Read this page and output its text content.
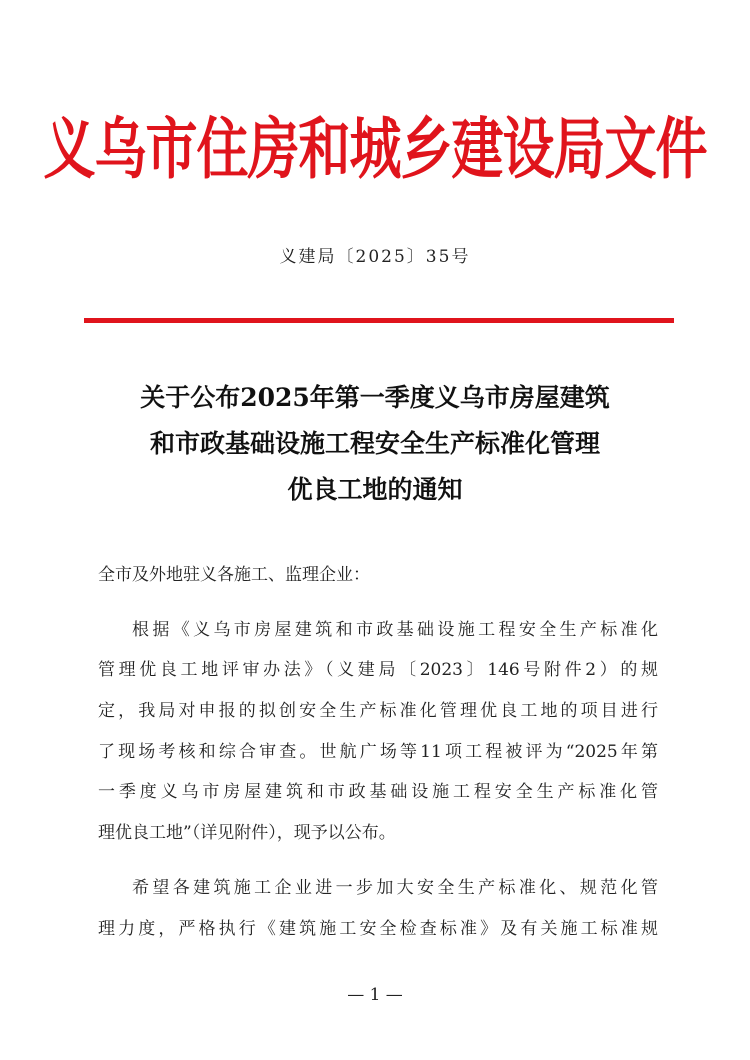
义乌市住房和城乡建设局文件
义建局〔2025〕35号
关于公布2025年第一季度义乌市房屋建筑
和市政基础设施工程安全生产标准化管理
优良工地的通知
全市及外地驻义各施工、监理企业：
根据《义乌市房屋建筑和市政基础设施工程安全生产标准化
管理优良工地评审办法》（义建局〔2023〕146号附件2）的规
定，我局对申报的拟创安全生产标准化管理优良工地的项目进行
了现场考核和综合审查。世航广场等11项工程被评为“2025年第
一季度义乌市房屋建筑和市政基础设施工程安全生产标准化管
理优良工地”（详见附件），现予以公布。
希望各建筑施工企业进一步加大安全生产标准化、规范化管
理力度，严格执行《建筑施工安全检查标准》及有关施工标准规
— 1 —
